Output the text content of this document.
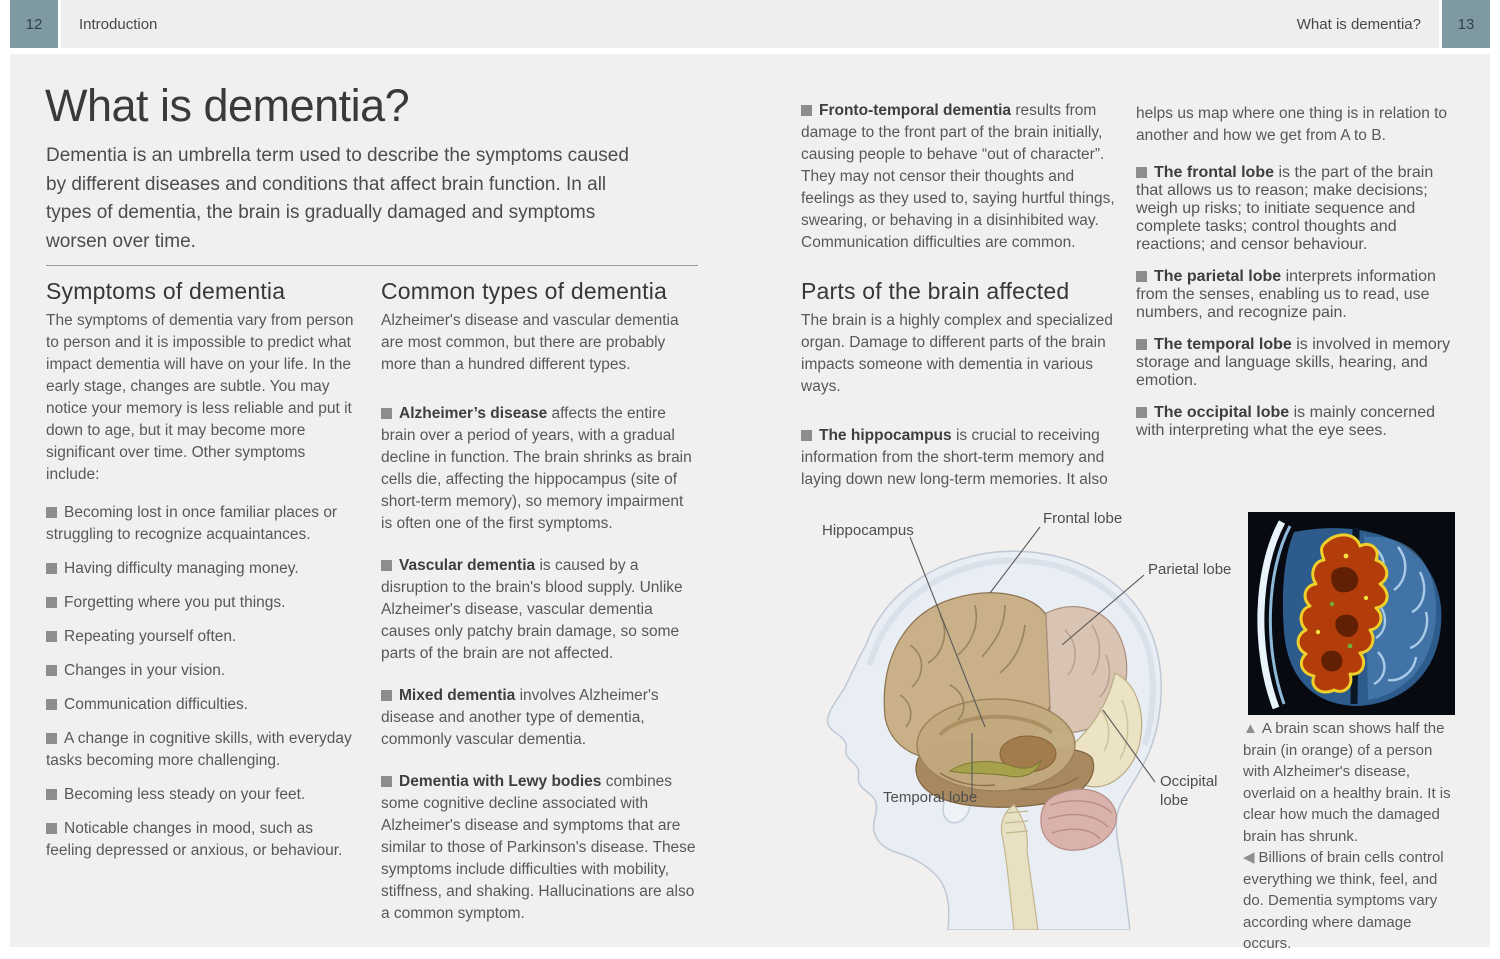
12	Introduction	What is dementia?	13
What is dementia?
Dementia is an umbrella term used to describe the symptoms caused by different diseases and conditions that affect brain function. In all types of dementia, the brain is gradually damaged and symptoms worsen over time.
Symptoms of dementia

The symptoms of dementia vary from person to person and it is impossible to predict what impact dementia will have on your life. In the early stage, changes are subtle. You may notice your memory is less reliable and put it down to age, but it may become more significant over time. Other symptoms include:

Becoming lost in once familiar places or struggling to recognize acquaintances.
Having difficulty managing money.
Forgetting where you put things.
Repeating yourself often.
Changes in your vision.
Communication difficulties.
A change in cognitive skills, with everyday tasks becoming more challenging.
Becoming less steady on your feet.
Noticable changes in mood, such as feeling depressed or anxious, or behaviour.
Common types of dementia

Alzheimer's disease and vascular dementia are most common, but there are probably more than a hundred different types.

Alzheimer’s disease affects the entire brain over a period of years, with a gradual decline in function. The brain shrinks as brain cells die, affecting the hippocampus (site of short-term memory), so memory impairment is often one of the first symptoms.

Vascular dementia is caused by a disruption to the brain's blood supply. Unlike Alzheimer's disease, vascular dementia causes only patchy brain damage, so some parts of the brain are not affected.

Mixed dementia involves Alzheimer's disease and another type of dementia, commonly vascular dementia.

Dementia with Lewy bodies combines some cognitive decline associated with Alzheimer's disease and symptoms that are similar to those of Parkinson's disease. These symptoms include difficulties with mobility, stiffness, and shaking. Hallucinations are also a common symptom.

Fronto-temporal dementia results from damage to the front part of the brain initially, causing people to behave “out of character”. They may not censor their thoughts and feelings as they used to, saying hurtful things, swearing, or behaving in a disinhibited way. Communication difficulties are common.

Parts of the brain affected

The brain is a highly complex and specialized organ. Damage to different parts of the brain impacts someone with dementia in various ways.

The hippocampus is crucial to receiving information from the short-term memory and laying down new long-term memories. It also

helps us map where one thing is in relation to another and how we get from A to B.

The frontal lobe is the part of the brain that allows us to reason; make decisions; weigh up risks; to initiate sequence and complete tasks; control thoughts and reactions; and censor behaviour.

The parietal lobe interprets information from the senses, enabling us to read, use numbers, and recognize pain.

The temporal lobe is involved in memory storage and language skills, hearing, and emotion.

The occipital lobe is mainly concerned with interpreting what the eye sees.

Hippocampus
Frontal lobe
Parietal lobe
Temporal lobe
Occipital
lobe
▲ A brain scan shows half the brain (in orange) of a person with Alzheimer's disease, overlaid on a healthy brain. It is clear how much the damaged brain has shrunk.
◀ Billions of brain cells control everything we think, feel, and do. Dementia symptoms vary according where damage occurs.
